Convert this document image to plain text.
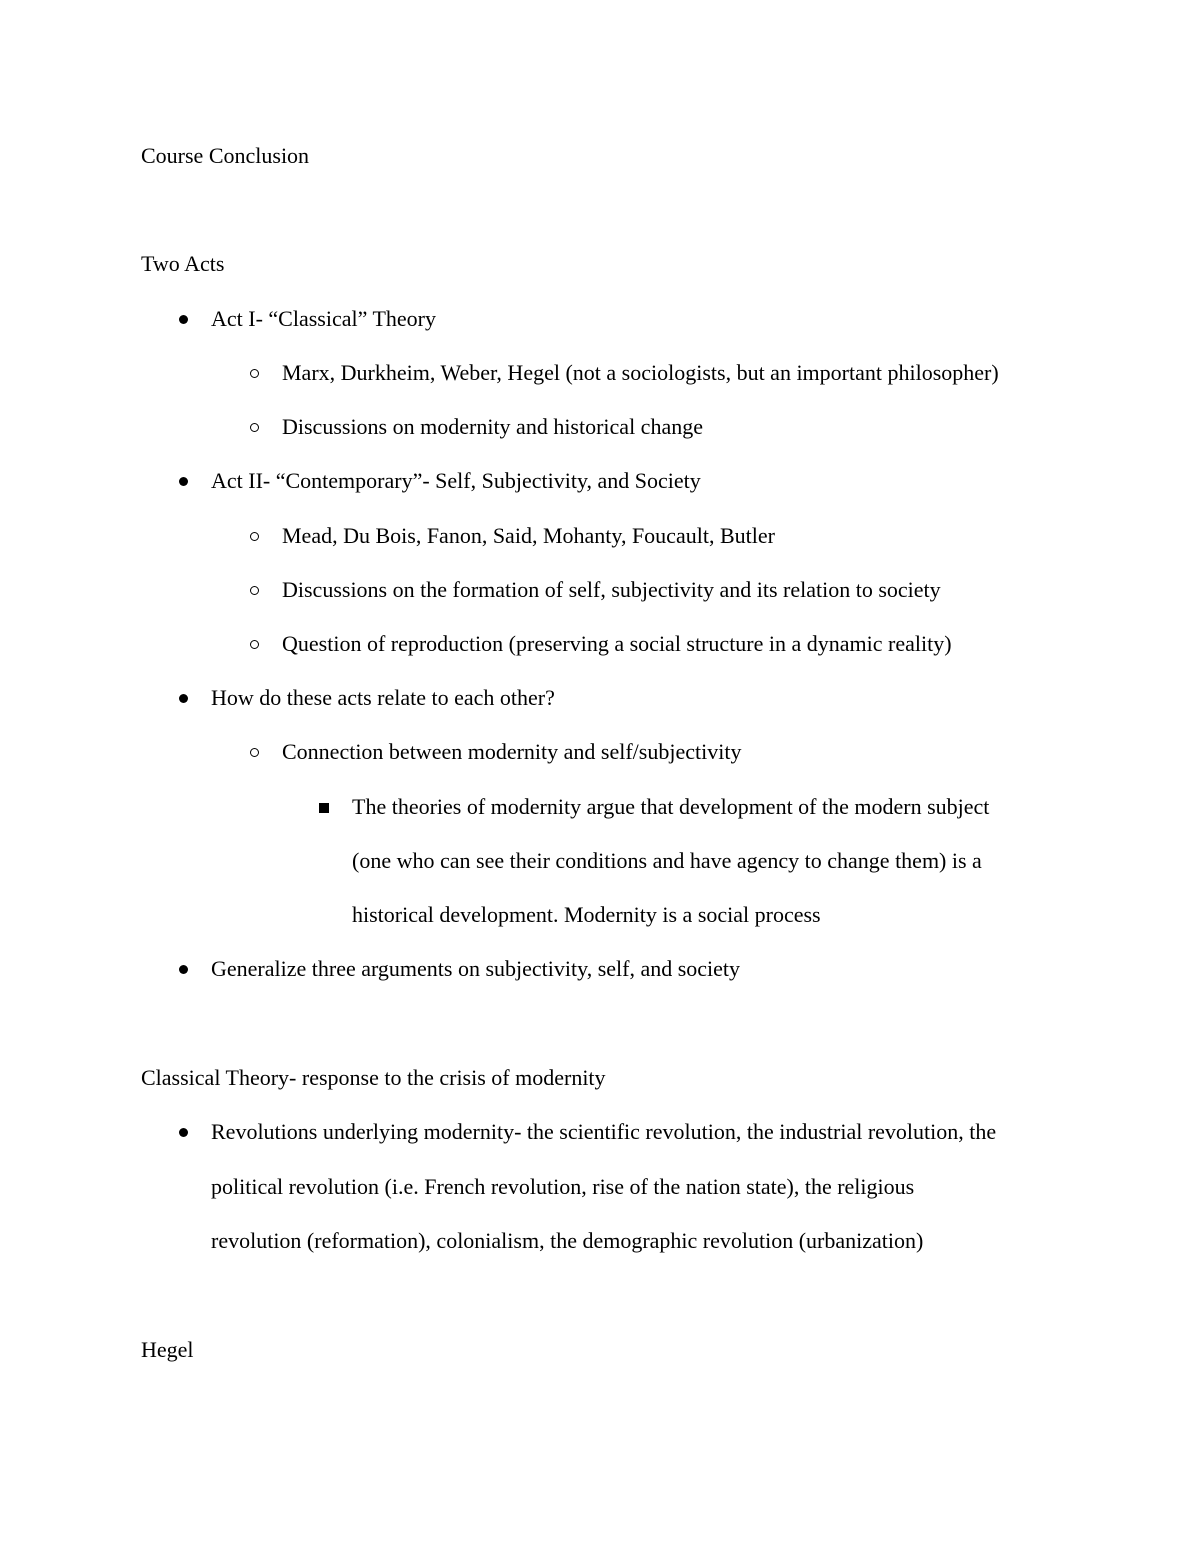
Course Conclusion
Two Acts
Act I- “Classical” Theory
Marx, Durkheim, Weber, Hegel (not a sociologists, but an important philosopher)
Discussions on modernity and historical change
Act II- “Contemporary”- Self, Subjectivity, and Society
Mead, Du Bois, Fanon, Said, Mohanty, Foucault, Butler
Discussions on the formation of self, subjectivity and its relation to society
Question of reproduction (preserving a social structure in a dynamic reality)
How do these acts relate to each other?
Connection between modernity and self/subjectivity
The theories of modernity argue that development of the modern subject
(one who can see their conditions and have agency to change them) is a
historical development. Modernity is a social process
Generalize three arguments on subjectivity, self, and society
Classical Theory- response to the crisis of modernity
Revolutions underlying modernity- the scientific revolution, the industrial revolution, the
political revolution (i.e. French revolution, rise of the nation state), the religious
revolution (reformation), colonialism, the demographic revolution (urbanization)
Hegel
